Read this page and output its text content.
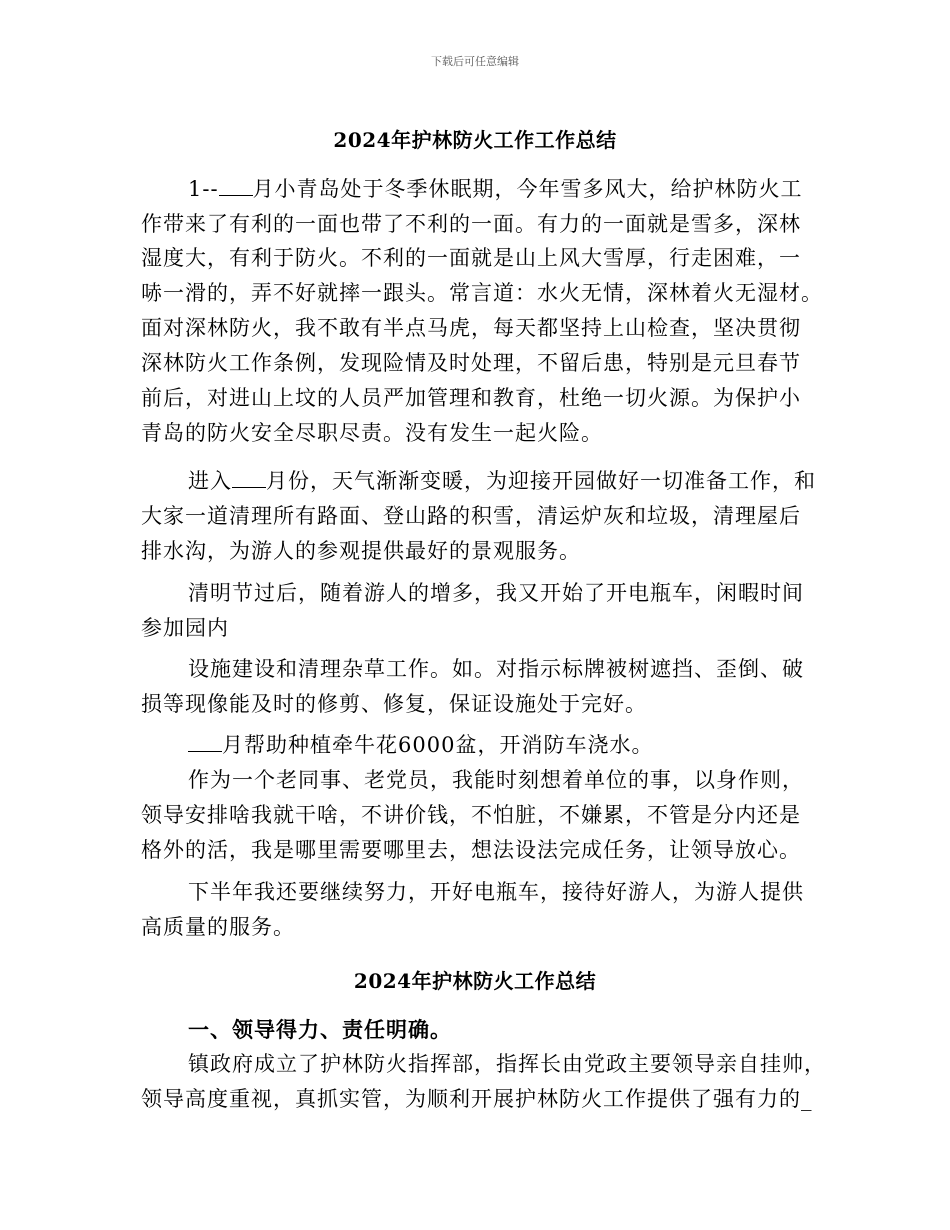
下载后可任意编辑
2024年护林防火工作工作总结
1-- 月小青岛处于冬季休眠期，今年雪多风大，给护林防火工
作带来了有利的一面也带了不利的一面。有力的一面就是雪多，深林
湿度大，有利于防火。不利的一面就是山上风大雪厚，行走困难，一
哧一滑的，弄不好就摔一跟头。常言道：水火无情，深林着火无湿材。
面对深林防火，我不敢有半点马虎，每天都坚持上山检查，坚决贯彻
深林防火工作条例，发现险情及时处理，不留后患，特别是元旦春节
前后，对进山上坟的人员严加管理和教育，杜绝一切火源。为保护小
青岛的防火安全尽职尽责。没有发生一起火险。
进入 月份，天气渐渐变暖，为迎接开园做好一切准备工作，和
大家一道清理所有路面、登山路的积雪，清运炉灰和垃圾，清理屋后
排水沟，为游人的参观提供最好的景观服务。
清明节过后，随着游人的增多，我又开始了开电瓶车，闲暇时间
参加园内
设施建设和清理杂草工作。如。对指示标牌被树遮挡、歪倒、破
损等现像能及时的修剪、修复，保证设施处于完好。
月帮助种植牵牛花6000盆，开消防车浇水。
作为一个老同事、老党员，我能时刻想着单位的事，以身作则，
领导安排啥我就干啥，不讲价钱，不怕脏，不嫌累，不管是分内还是
格外的活，我是哪里需要哪里去，想法设法完成任务，让领导放心。
下半年我还要继续努力，开好电瓶车，接待好游人，为游人提供
高质量的服务。
2024年护林防火工作总结
一、领导得力、责任明确。
镇政府成立了护林防火指挥部，指挥长由党政主要领导亲自挂帅，
领导高度重视，真抓实管，为顺利开展护林防火工作提供了强有力的_
